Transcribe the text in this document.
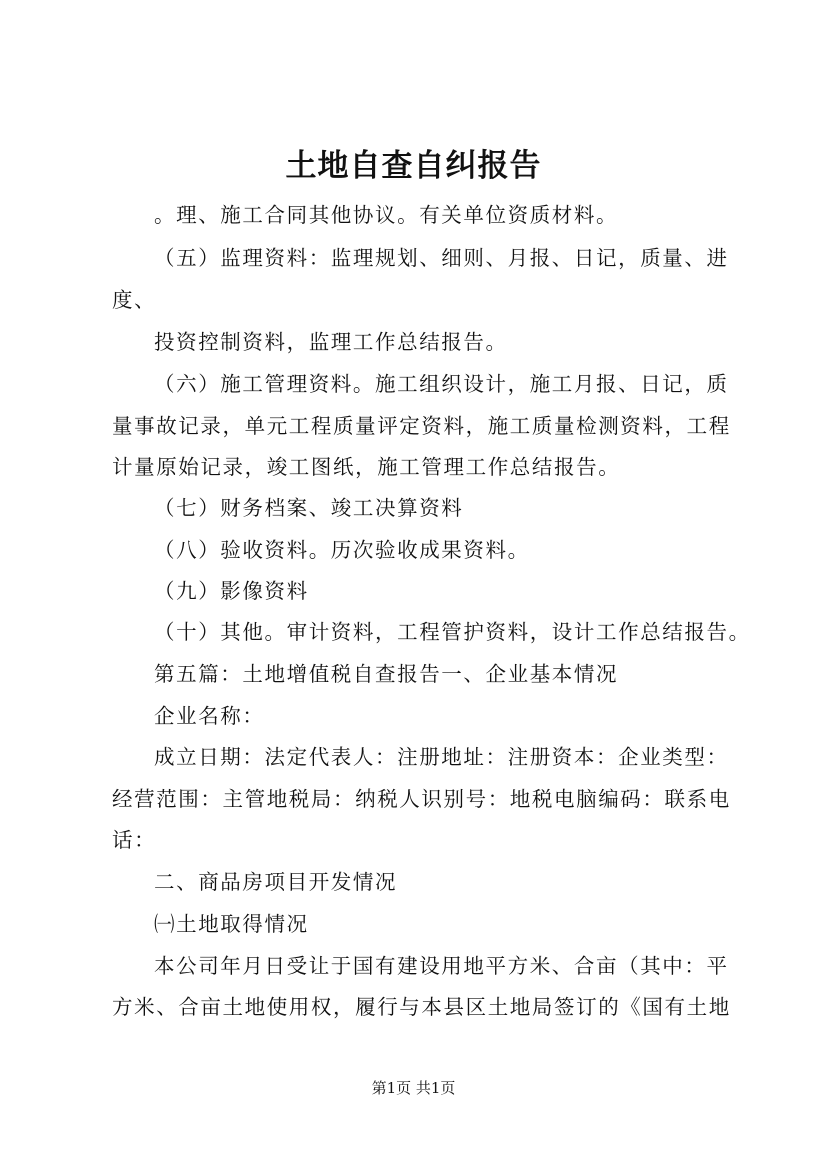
土地自查自纠报告
。理、施工合同其他协议。有关单位资质材料。
（五）监理资料：监理规划、细则、月报、日记，质量、进
度、
投资控制资料，监理工作总结报告。
（六）施工管理资料。施工组织设计，施工月报、日记，质
量事故记录，单元工程质量评定资料，施工质量检测资料，工程
计量原始记录，竣工图纸，施工管理工作总结报告。
（七）财务档案、竣工决算资料
（八）验收资料。历次验收成果资料。
（九）影像资料
（十）其他。审计资料，工程管护资料，设计工作总结报告。
第五篇：土地增值税自查报告一、企业基本情况
企业名称：
成立日期：法定代表人：注册地址：注册资本：企业类型：
经营范围：主管地税局：纳税人识别号：地税电脑编码：联系电
话：
二、商品房项目开发情况
㈠土地取得情况
本公司年月日受让于国有建设用地平方米、合亩（其中：平
方米、合亩土地使用权，履行与本县区土地局签订的《国有土地
第1页 共1页
